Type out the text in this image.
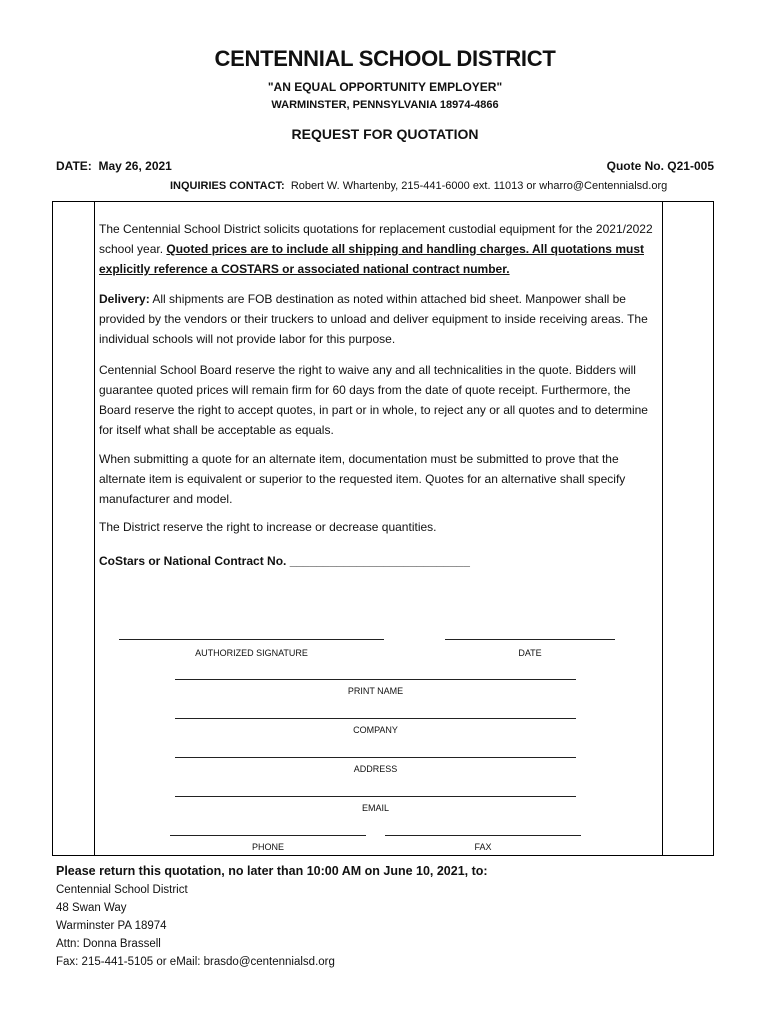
CENTENNIAL SCHOOL DISTRICT
"AN EQUAL OPPORTUNITY EMPLOYER"
WARMINSTER, PENNSYLVANIA 18974-4866
REQUEST FOR QUOTATION
DATE: May 26, 2021	Quote No. Q21-005
INQUIRIES CONTACT: Robert W. Whartenby, 215-441-6000 ext. 11013 or wharro@Centennialsd.org
The Centennial School District solicits quotations for replacement custodial equipment for the 2021/2022 school year. Quoted prices are to include all shipping and handling charges. All quotations must explicitly reference a COSTARS or associated national contract number.
Delivery: All shipments are FOB destination as noted within attached bid sheet. Manpower shall be provided by the vendors or their truckers to unload and deliver equipment to inside receiving areas. The individual schools will not provide labor for this purpose.
Centennial School Board reserve the right to waive any and all technicalities in the quote. Bidders will guarantee quoted prices will remain firm for 60 days from the date of quote receipt. Furthermore, the Board reserve the right to accept quotes, in part or in whole, to reject any or all quotes and to determine for itself what shall be acceptable as equals.
When submitting a quote for an alternate item, documentation must be submitted to prove that the alternate item is equivalent or superior to the requested item. Quotes for an alternative shall specify manufacturer and model.
The District reserve the right to increase or decrease quantities.
CoStars or National Contract No. ___________________________
AUTHORIZED SIGNATURE	DATE
PRINT NAME
COMPANY
ADDRESS
EMAIL
PHONE	FAX
Please return this quotation, no later than 10:00 AM on June 10, 2021, to:
Centennial School District
48 Swan Way
Warminster PA 18974
Attn: Donna Brassell
Fax: 215-441-5105 or eMail: brasdo@centennialsd.org
